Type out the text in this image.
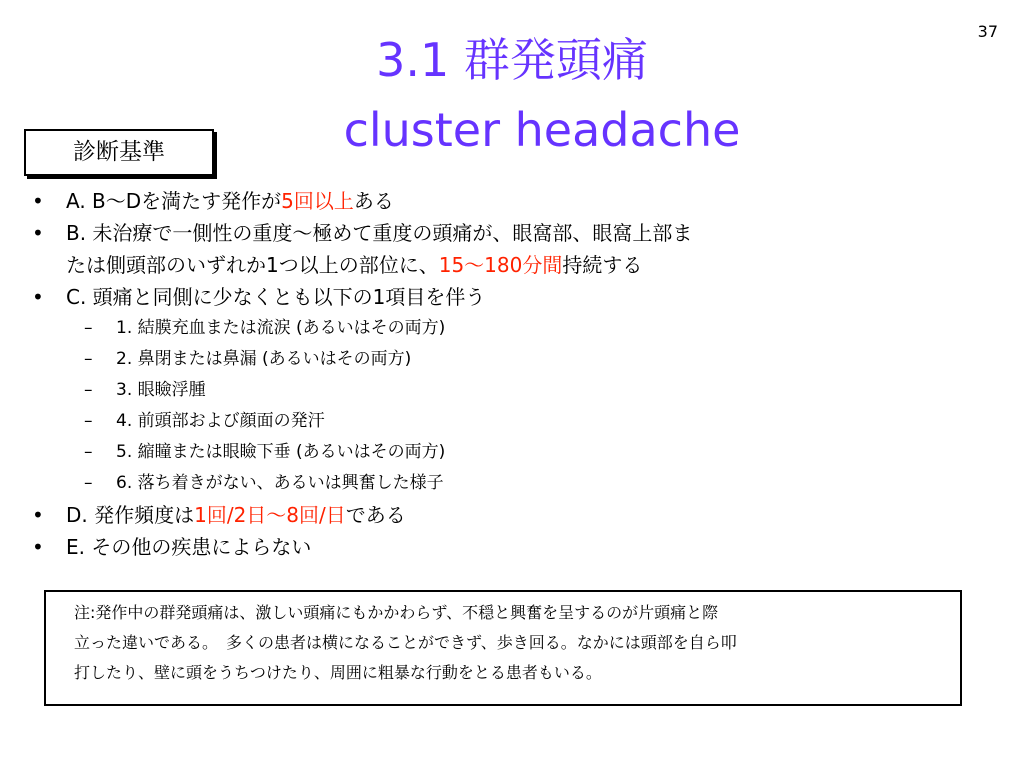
37
3.1 群発頭痛
cluster headache
診断基準
• A. B～Dを満たす発作が5回以上ある
• B. 未治療で一側性の重度～極めて重度の頭痛が、眼窩部、眼窩上部ま
たは側頭部のいずれか1つ以上の部位に、15～180分間持続する
• C. 頭痛と同側に少なくとも以下の1項目を伴う
– 1. 結膜充血または流涙 (あるいはその両方)
– 2. 鼻閉または鼻漏 (あるいはその両方)
– 3. 眼瞼浮腫
– 4. 前頭部および顔面の発汗
– 5. 縮瞳または眼瞼下垂 (あるいはその両方)
– 6. 落ち着きがない、あるいは興奮した様子
• D. 発作頻度は1回/2日～8回/日である
• E. その他の疾患によらない
注:発作中の群発頭痛は、激しい頭痛にもかかわらず、不穏と興奮を呈するのが片頭痛と際
立った違いである。　多くの患者は横になることができず、歩き回る。なかには頭部を自ら叩
打したり、壁に頭をうちつけたり、周囲に粗暴な行動をとる患者もいる。
